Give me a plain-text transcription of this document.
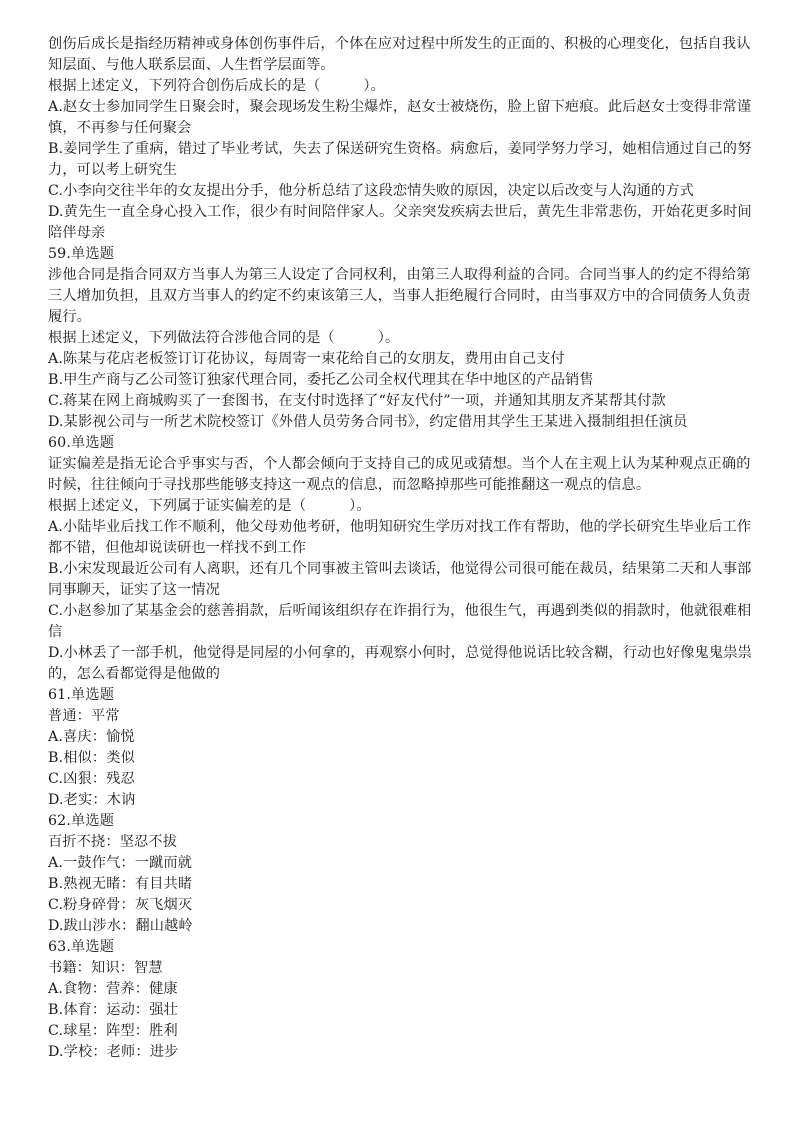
创伤后成长是指经历精神或身体创伤事件后，个体在应对过程中所发生的正面的、积极的心理变化，包括自我认知层面、与他人联系层面、人生哲学层面等。

根据上述定义，下列符合创伤后成长的是（　　　）。

A.赵女士参加同学生日聚会时，聚会现场发生粉尘爆炸，赵女士被烧伤，脸上留下疤痕。此后赵女士变得非常谨慎，不再参与任何聚会

B.姜同学生了重病，错过了毕业考试，失去了保送研究生资格。病愈后，姜同学努力学习，她相信通过自己的努力，可以考上研究生

C.小李向交往半年的女友提出分手，他分析总结了这段恋情失败的原因，决定以后改变与人沟通的方式

D.黄先生一直全身心投入工作，很少有时间陪伴家人。父亲突发疾病去世后，黄先生非常悲伤，开始花更多时间陪伴母亲

59.单选题

涉他合同是指合同双方当事人为第三人设定了合同权利，由第三人取得利益的合同。合同当事人的约定不得给第三人增加负担，且双方当事人的约定不约束该第三人，当事人拒绝履行合同时，由当事双方中的合同债务人负责履行。

根据上述定义，下列做法符合涉他合同的是（　　　）。

A.陈某与花店老板签订订花协议，每周寄一束花给自己的女朋友，费用由自己支付

B.甲生产商与乙公司签订独家代理合同，委托乙公司全权代理其在华中地区的产品销售

C.蒋某在网上商城购买了一套图书，在支付时选择了“好友代付”一项，并通知其朋友齐某帮其付款

D.某影视公司与一所艺术院校签订《外借人员劳务合同书》，约定借用其学生王某进入摄制组担任演员

60.单选题

证实偏差是指无论合乎事实与否，个人都会倾向于支持自己的成见或猜想。当个人在主观上认为某种观点正确的时候，往往倾向于寻找那些能够支持这一观点的信息，而忽略掉那些可能推翻这一观点的信息。

根据上述定义，下列属于证实偏差的是（　　　）。

A.小陆毕业后找工作不顺利，他父母劝他考研，他明知研究生学历对找工作有帮助，他的学长研究生毕业后工作都不错，但他却说读研也一样找不到工作

B.小宋发现最近公司有人离职，还有几个同事被主管叫去谈话，他觉得公司很可能在裁员，结果第二天和人事部同事聊天，证实了这一情况

C.小赵参加了某基金会的慈善捐款，后听闻该组织存在诈捐行为，他很生气，再遇到类似的捐款时，他就很难相信

D.小林丢了一部手机，他觉得是同屋的小何拿的，再观察小何时，总觉得他说话比较含糊，行动也好像鬼鬼祟祟的，怎么看都觉得是他做的

61.单选题

普通：平常

A.喜庆：愉悦

B.相似：类似

C.凶狠：残忍

D.老实：木讷

62.单选题

百折不挠：坚忍不拔

A.一鼓作气：一蹴而就

B.熟视无睹：有目共睹

C.粉身碎骨：灰飞烟灭

D.跋山涉水：翻山越岭

63.单选题

书籍：知识：智慧

A.食物：营养：健康

B.体育：运动：强壮

C.球星：阵型：胜利

D.学校：老师：进步
